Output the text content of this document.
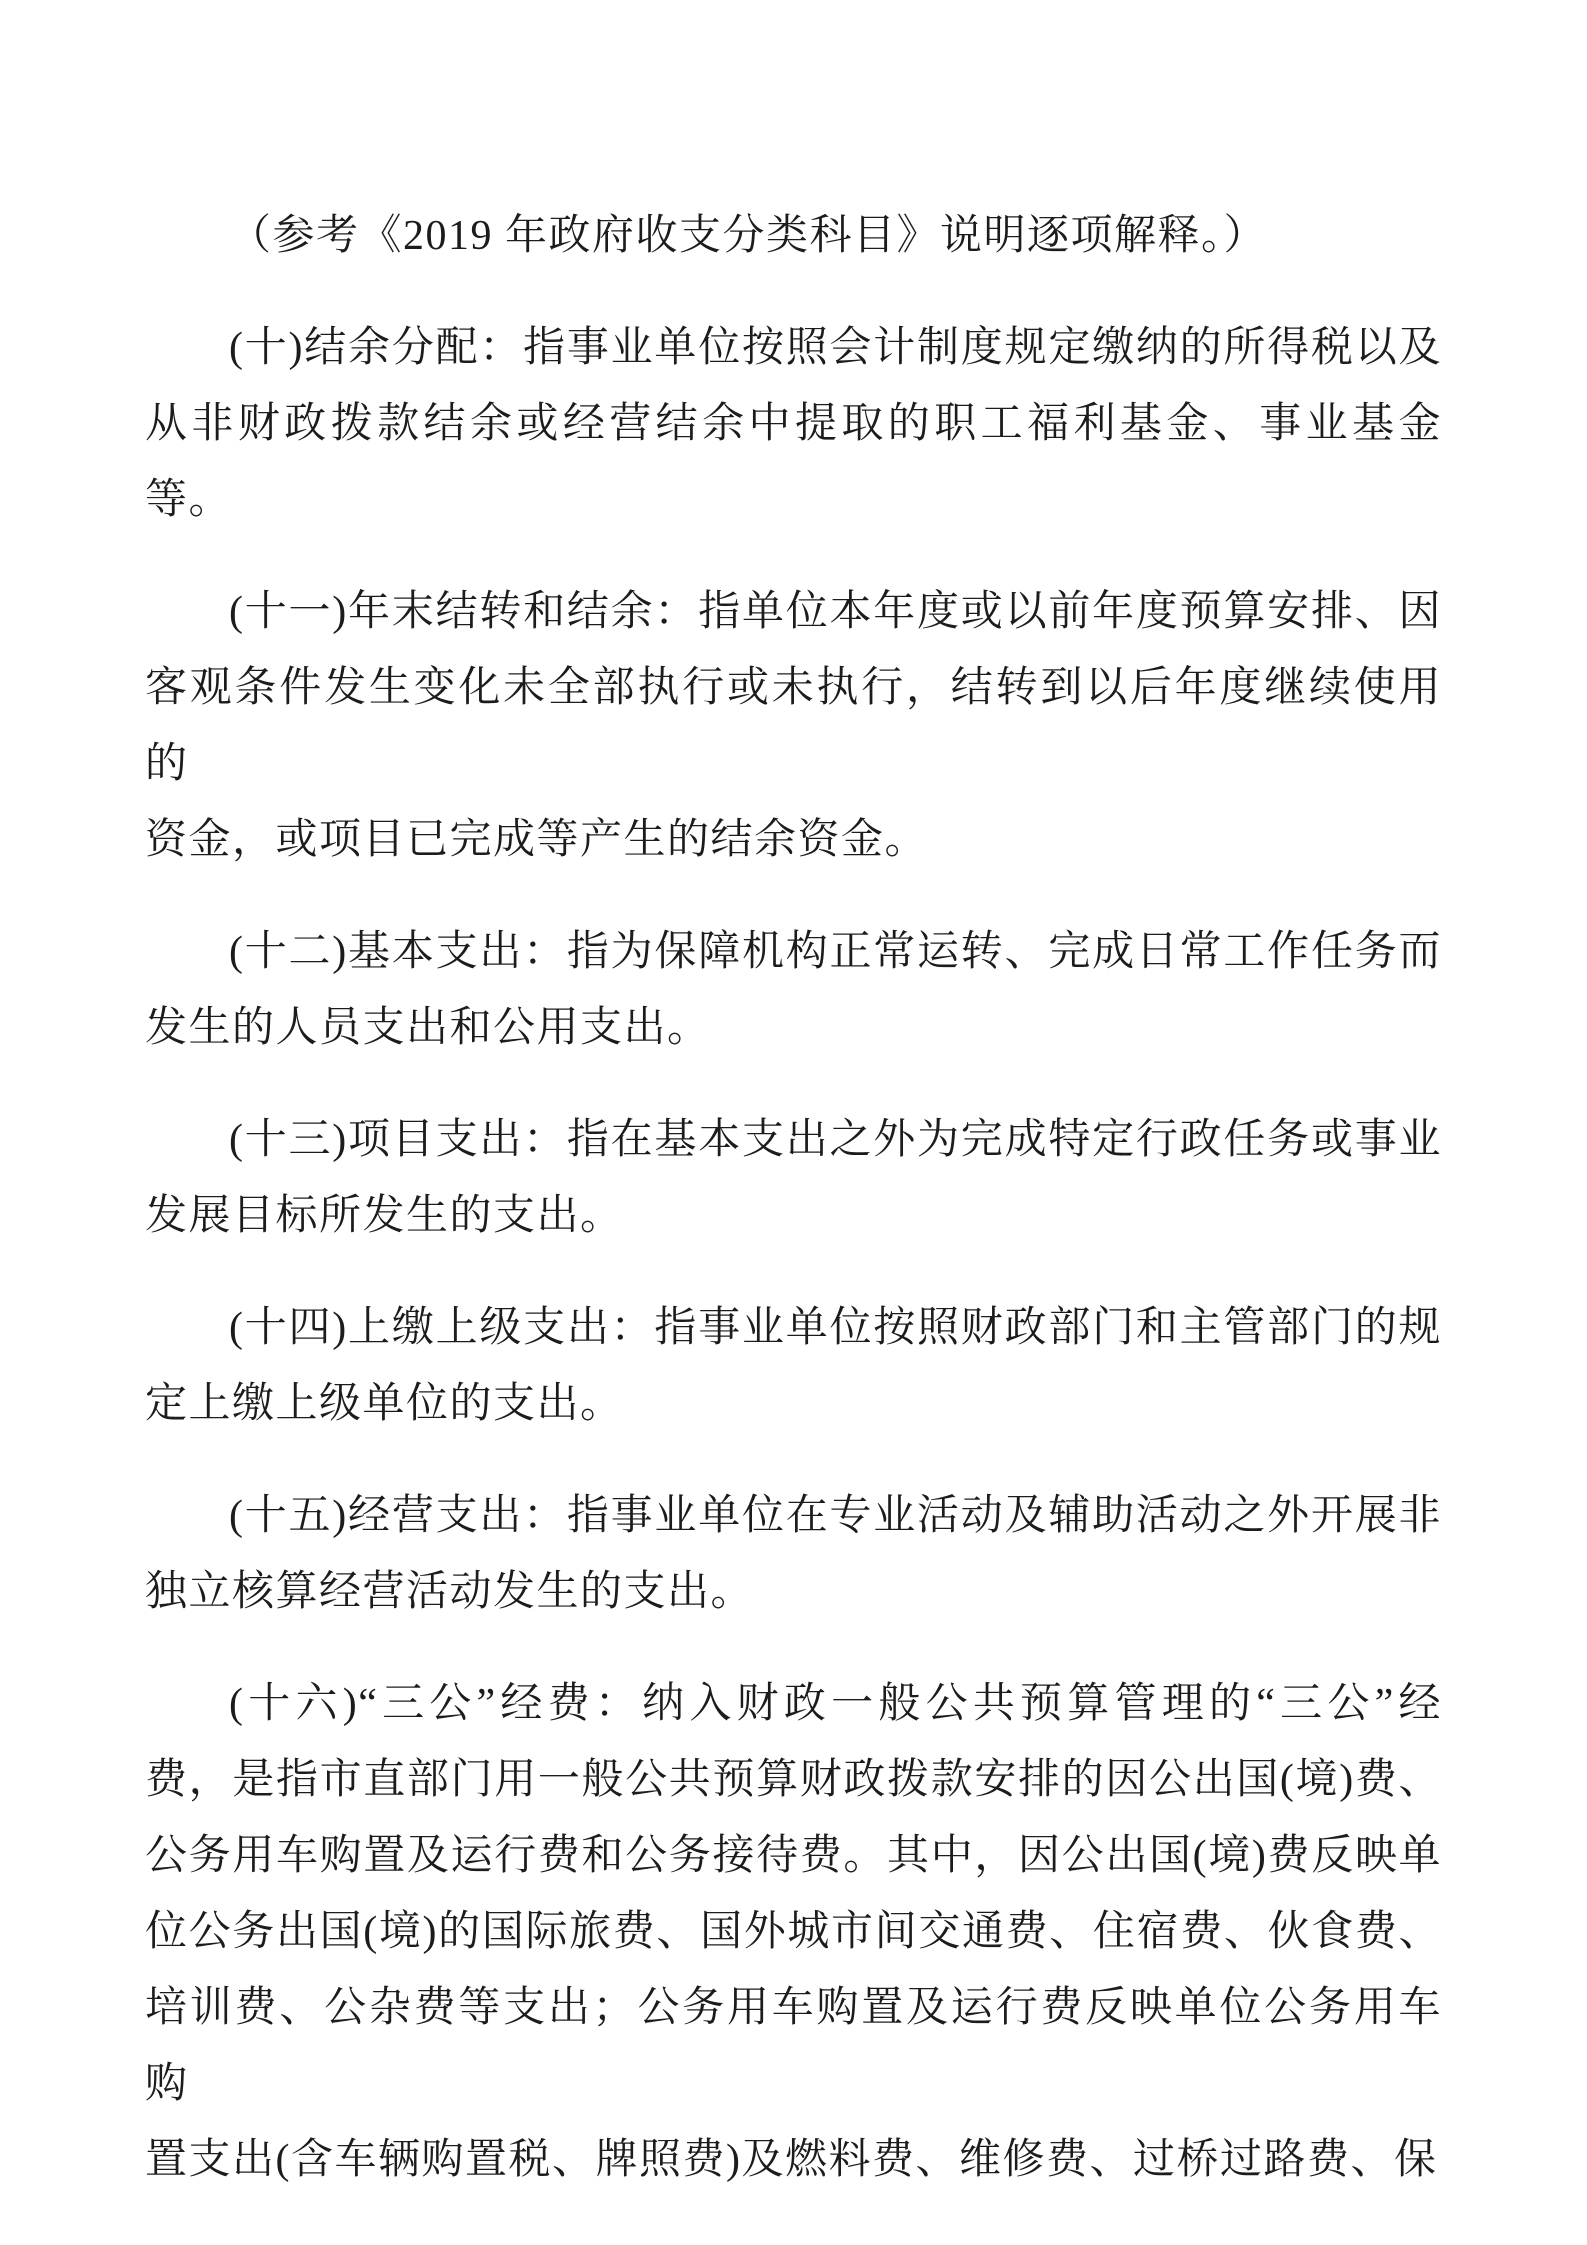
（参考《2019 年政府收支分类科目》说明逐项解释。）

(十)结余分配：指事业单位按照会计制度规定缴纳的所得税以及
从非财政拨款结余或经营结余中提取的职工福利基金、事业基金等。

(十一)年末结转和结余：指单位本年度或以前年度预算安排、因
客观条件发生变化未全部执行或未执行，结转到以后年度继续使用的
资金，或项目已完成等产生的结余资金。

(十二)基本支出：指为保障机构正常运转、完成日常工作任务而
发生的人员支出和公用支出。

(十三)项目支出：指在基本支出之外为完成特定行政任务或事业
发展目标所发生的支出。

(十四)上缴上级支出：指事业单位按照财政部门和主管部门的规
定上缴上级单位的支出。

(十五)经营支出：指事业单位在专业活动及辅助活动之外开展非
独立核算经营活动发生的支出。

(十六)“三公”经费：纳入财政一般公共预算管理的“三公”经
费，是指市直部门用一般公共预算财政拨款安排的因公出国(境)费、
公务用车购置及运行费和公务接待费。其中，因公出国(境)费反映单
位公务出国(境)的国际旅费、国外城市间交通费、住宿费、伙食费、
培训费、公杂费等支出；公务用车购置及运行费反映单位公务用车购
置支出(含车辆购置税、牌照费)及燃料费、维修费、过桥过路费、保
